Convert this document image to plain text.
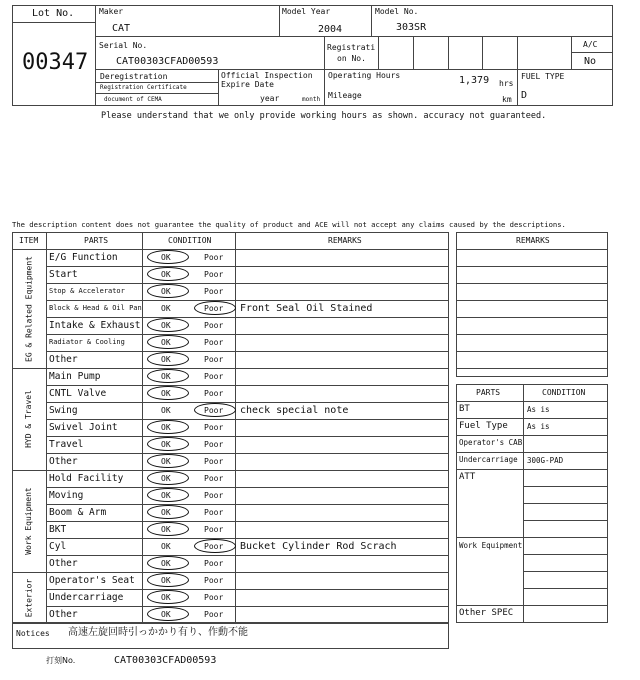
Lot No.
00347
Maker
CAT
Model Year
2004
Model No.
303SR
Serial No.
CAT00303CFAD00593
Registrati
on No.
A/C
No
Deregistration
Registration Certificate
document of CEMA
Official Inspection
Expire Date
year	month
Operating Hours	1,379 hrs
Mileage	km
FUEL TYPE
D
Please understand that we only provide working hours as shown. accuracy not guaranteed.
The description content does not guarantee the quality of product and ACE will not accept any claims caused by the descriptions.
ITEM	PARTS	CONDITION	REMARKS
EG & Related Equipment
HYD & Travel
Work Equipment
Exterior
E/G Function	OK	Poor
Start	OK	Poor
Stop & Accelerator	OK	Poor
Block & Head & Oil Pan OK	Poor Front Seal Oil Stained
Intake & Exhaust	OK	Poor
Radiator & Cooling	OK	Poor
Other	OK	Poor
Main Pump	OK	Poor
CNTL Valve	OK	Poor
Swing	OK	Poor check special note
Swivel Joint	OK	Poor
Travel	OK	Poor
Other	OK	Poor
Hold Facility	OK	Poor
Moving	OK	Poor
Boom & Arm	OK	Poor
BKT	OK	Poor
Cyl	OK	Poor Bucket Cylinder Rod Scrach
Other	OK	Poor
Operator's Seat	OK	Poor
Undercarriage	OK	Poor
Other	OK	Poor
REMARKS
PARTS	CONDITION
BT	As is
Fuel Type	As is
Operator's CAB
Undercarriage 300G-PAD
ATT
Work Equipment
Other SPEC
Notices 高速左旋回時引っかかり有り、作動不能
打刻No.	CAT00303CFAD00593
